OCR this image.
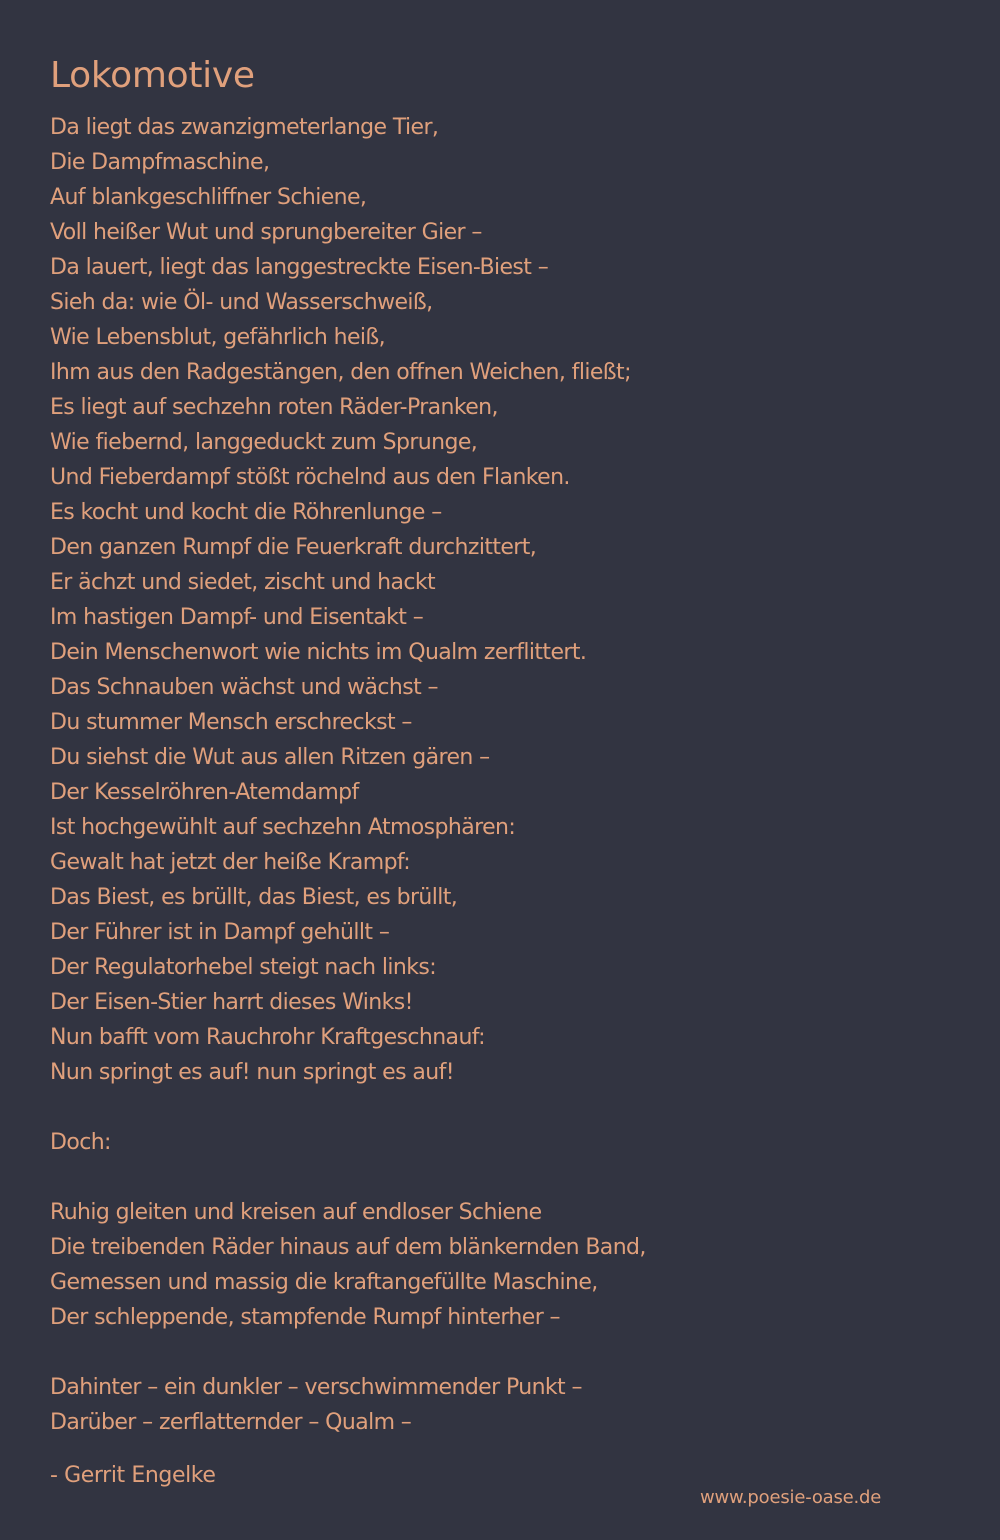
Lokomotive
Da liegt das zwanzigmeterlange Tier,
Die Dampfmaschine,
Auf blankgeschliffner Schiene,
Voll heißer Wut und sprungbereiter Gier –
Da lauert, liegt das langgestreckte Eisen-Biest –
Sieh da: wie Öl- und Wasserschweiß,
Wie Lebensblut, gefährlich heiß,
Ihm aus den Radgestängen, den offnen Weichen, fließt;
Es liegt auf sechzehn roten Räder-Pranken,
Wie fiebernd, langgeduckt zum Sprunge,
Und Fieberdampf stößt röchelnd aus den Flanken.
Es kocht und kocht die Röhrenlunge –
Den ganzen Rumpf die Feuerkraft durchzittert,
Er ächzt und siedet, zischt und hackt
Im hastigen Dampf- und Eisentakt –
Dein Menschenwort wie nichts im Qualm zerflittert.
Das Schnauben wächst und wächst –
Du stummer Mensch erschreckst –
Du siehst die Wut aus allen Ritzen gären –
Der Kesselröhren-Atemdampf
Ist hochgewühlt auf sechzehn Atmosphären:
Gewalt hat jetzt der heiße Krampf:
Das Biest, es brüllt, das Biest, es brüllt,
Der Führer ist in Dampf gehüllt –
Der Regulatorhebel steigt nach links:
Der Eisen-Stier harrt dieses Winks!
Nun bafft vom Rauchrohr Kraftgeschnauf:
Nun springt es auf! nun springt es auf!
Doch:
Ruhig gleiten und kreisen auf endloser Schiene
Die treibenden Räder hinaus auf dem blänkernden Band,
Gemessen und massig die kraftangefüllte Maschine,
Der schleppende, stampfende Rumpf hinterher –
Dahinter – ein dunkler – verschwimmender Punkt –
Darüber – zerflatternder – Qualm –
- Gerrit Engelke
www.poesie-oase.de
